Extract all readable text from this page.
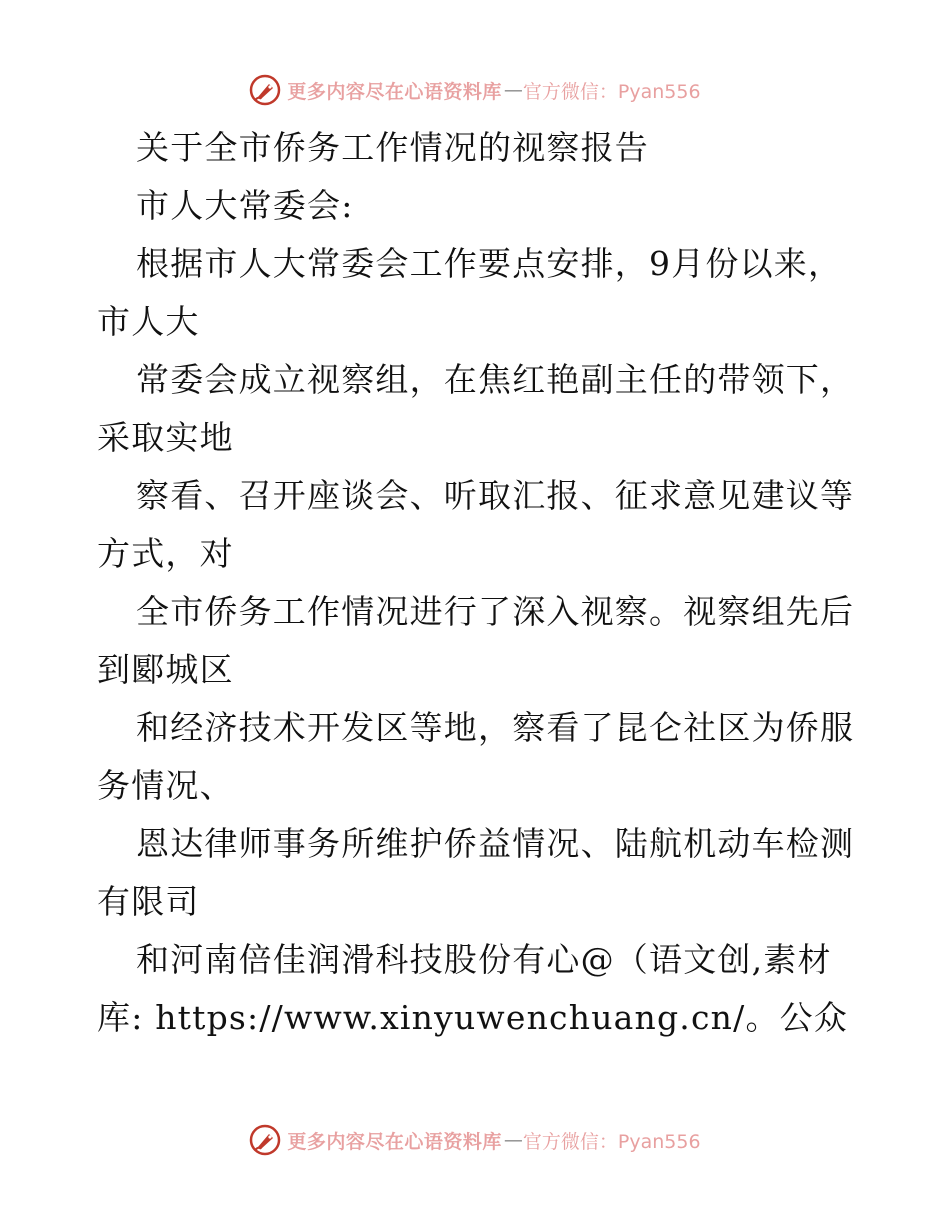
更多内容尽在心语资料库 — 官方微信：Pyan556
关于全市侨务工作情况的视察报告
市人大常委会:
根据市人大常委会工作要点安排，9月份以来，
市人大
常委会成立视察组，在焦红艳副主任的带领下，
采取实地
察看、召开座谈会、听取汇报、征求意见建议等
方式，对
全市侨务工作情况进行了深入视察。视察组先后
到郾城区
和经济技术开发区等地，察看了昆仑社区为侨服
务情况、
恩达律师事务所维护侨益情况、陆航机动车检测
有限司
和河南倍佳润滑科技股份有心@（语文创,素材
库: https://www.xinyuwenchuang.cn/。公众
更多内容尽在心语资料库 — 官方微信：Pyan556
